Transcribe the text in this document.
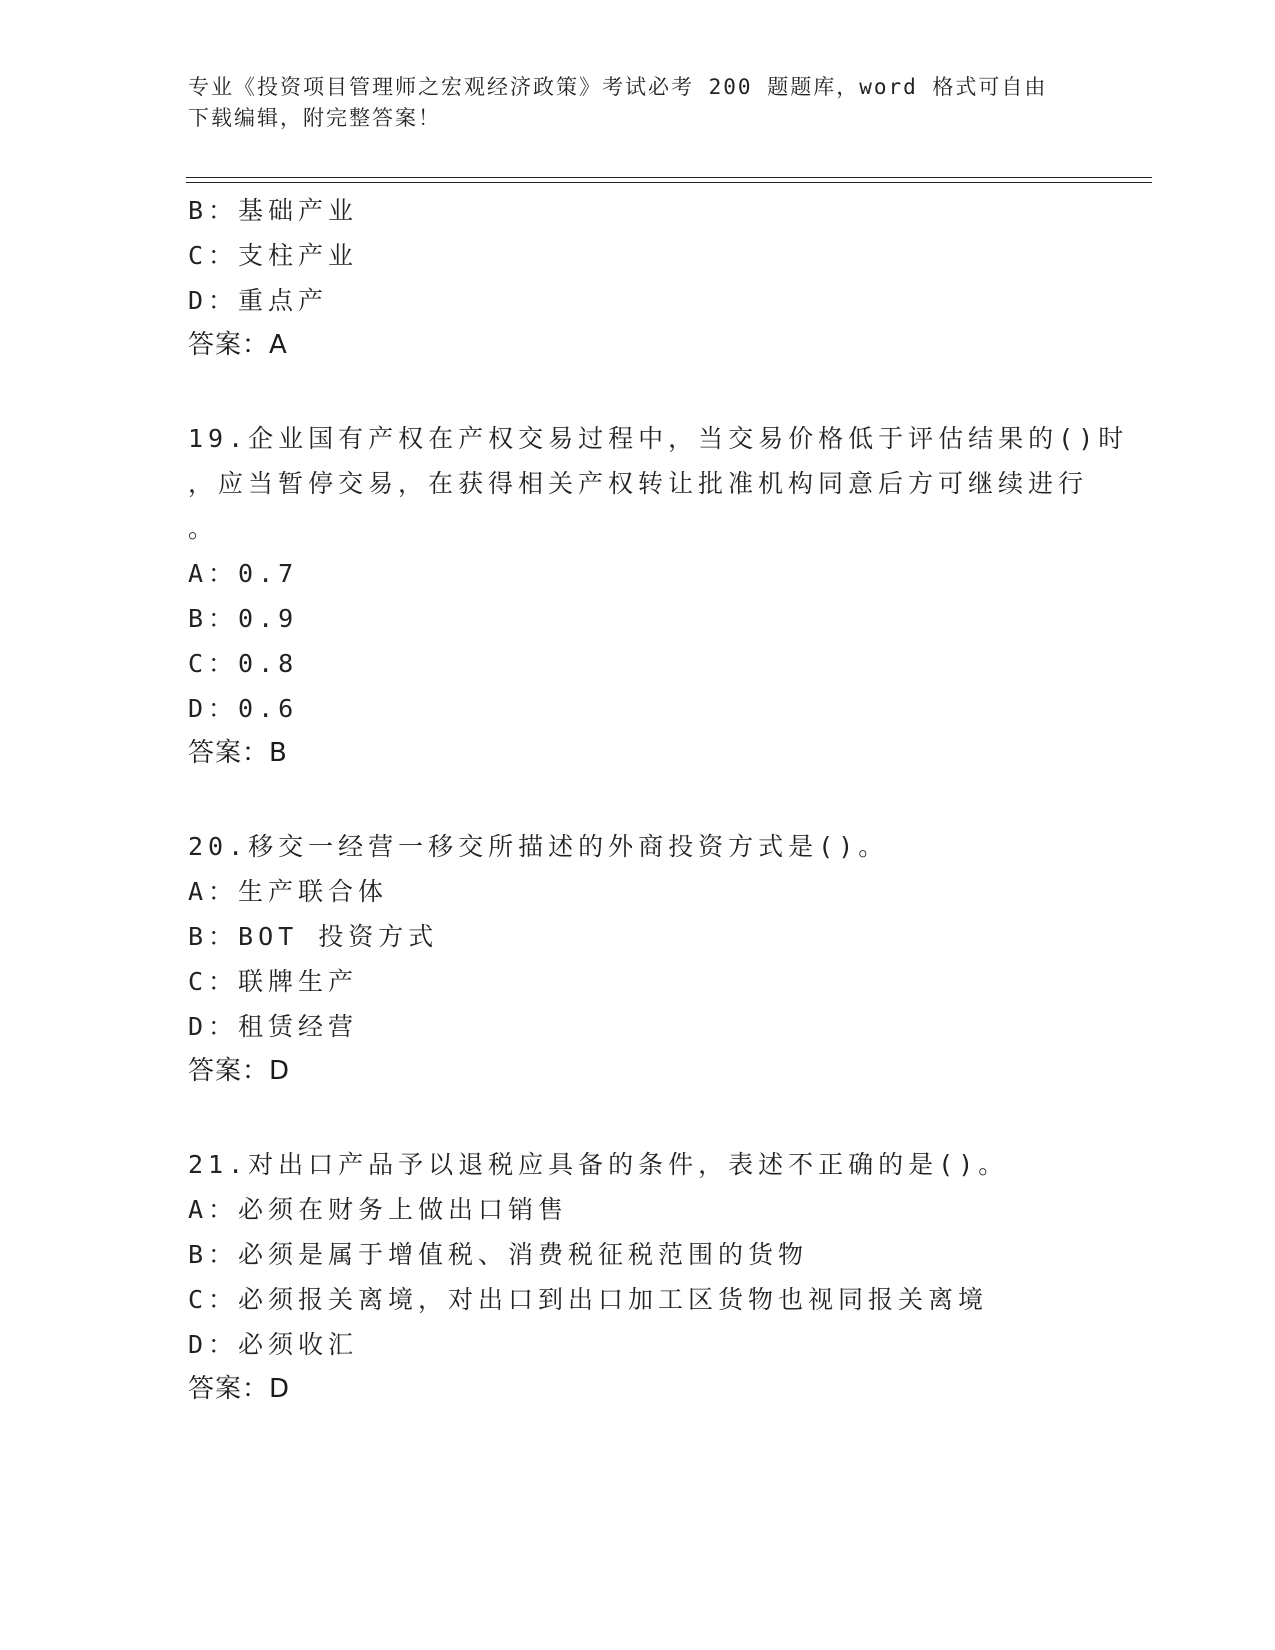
专业《投资项目管理师之宏观经济政策》考试必考 200 题题库，word 格式可自由
下载编辑，附完整答案！
B：基础产业
C：支柱产业
D：重点产
答案：A
19.企业国有产权在产权交易过程中，当交易价格低于评估结果的()时
，应当暂停交易，在获得相关产权转让批准机构同意后方可继续进行
。
A：0.7
B：0.9
C：0.8
D：0.6
答案：B
20.移交一经营一移交所描述的外商投资方式是()。
A：生产联合体
B：BOT 投资方式
C：联牌生产
D：租赁经营
答案：D
21.对出口产品予以退税应具备的条件，表述不正确的是()。
A：必须在财务上做出口销售
B：必须是属于增值税、消费税征税范围的货物
C：必须报关离境，对出口到出口加工区货物也视同报关离境
D：必须收汇
答案：D
